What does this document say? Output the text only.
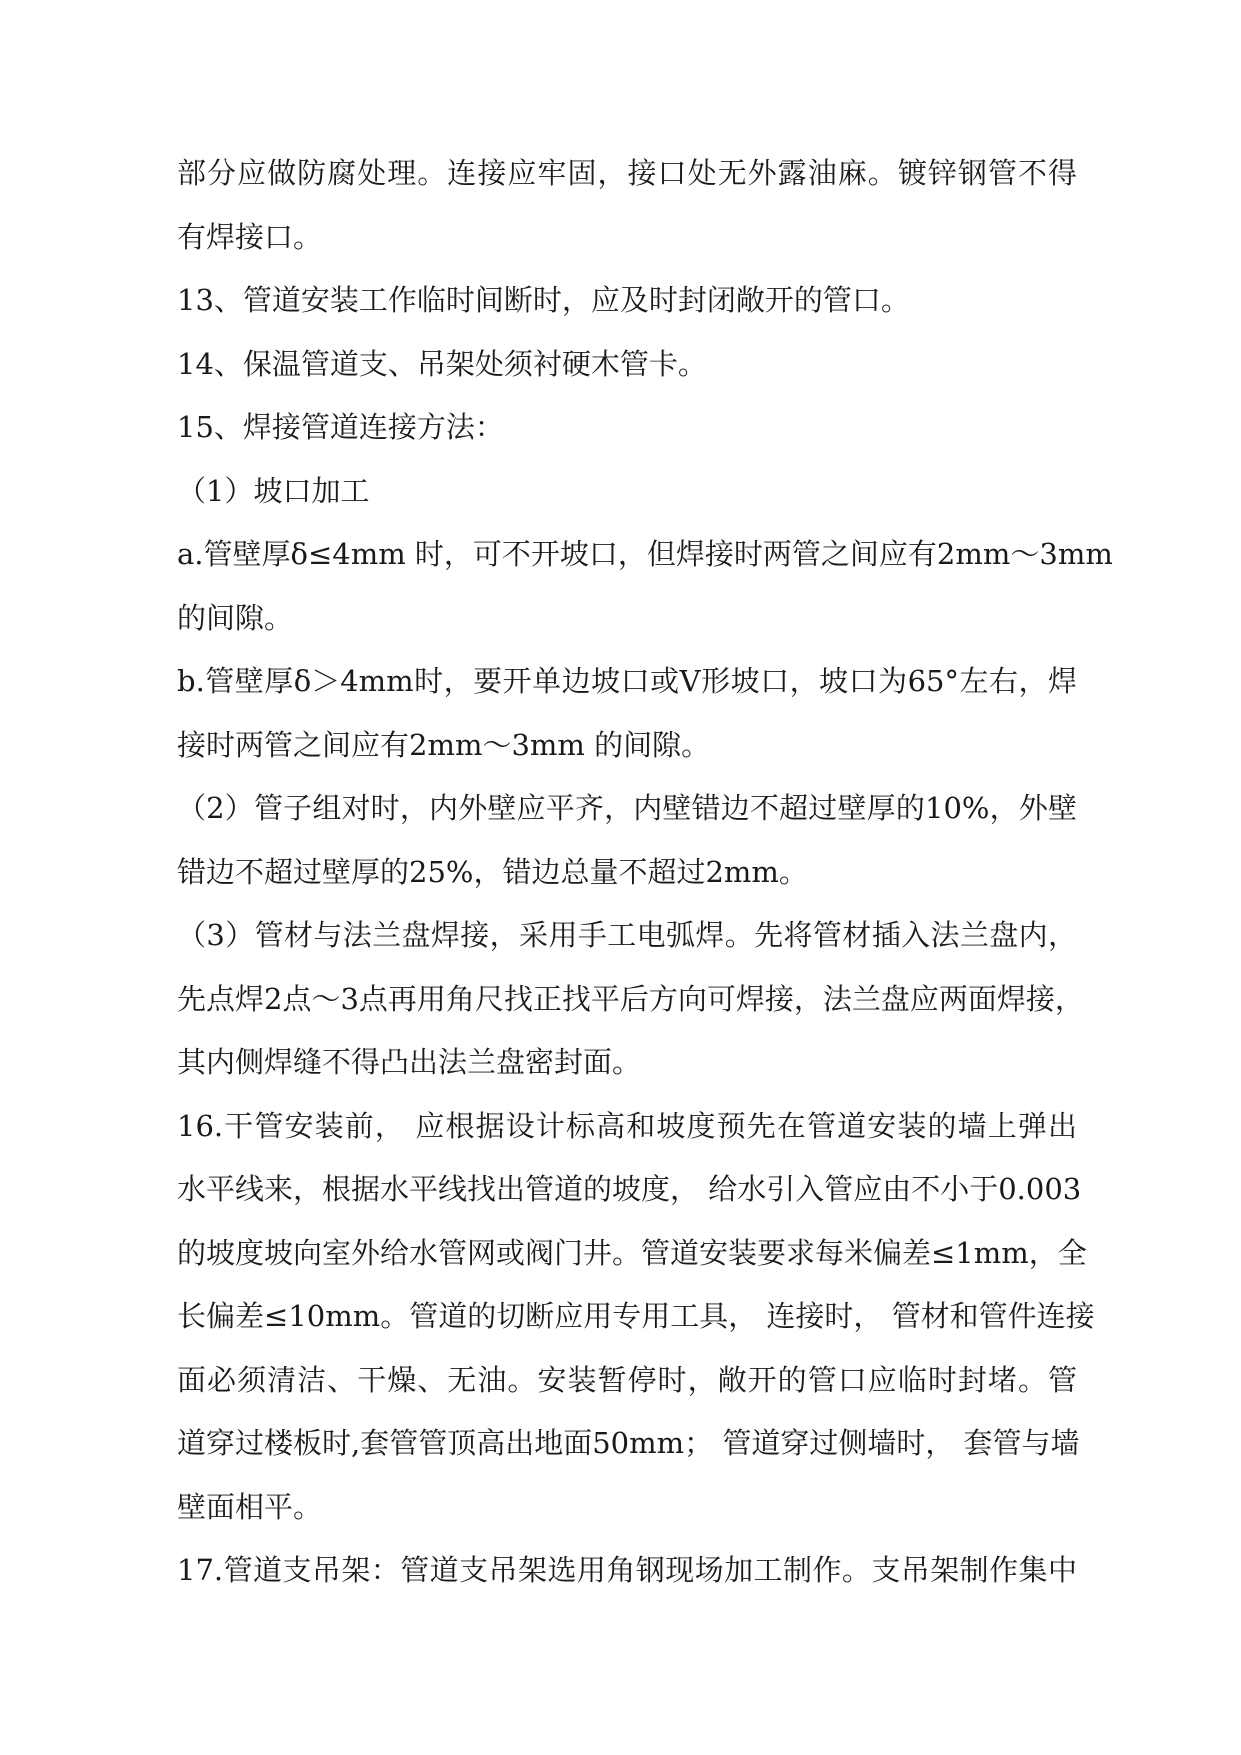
部分应做防腐处理。连接应牢固，接口处无外露油麻。镀锌钢管不得
有焊接口。
13、管道安装工作临时间断时，应及时封闭敞开的管口。
14、保温管道支、吊架处须衬硬木管卡。
15、焊接管道连接方法：
（1）坡口加工
a.管壁厚δ≤4mm 时，可不开坡口，但焊接时两管之间应有2mm～3mm
的间隙。
b.管壁厚δ＞4mm时，要开单边坡口或V形坡口，坡口为65°左右，焊
接时两管之间应有2mm～3mm 的间隙。
（2）管子组对时，内外壁应平齐，内壁错边不超过壁厚的10%，外壁
错边不超过壁厚的25%，错边总量不超过2mm。
（3）管材与法兰盘焊接，采用手工电弧焊。先将管材插入法兰盘内，
先点焊2点～3点再用角尺找正找平后方向可焊接，法兰盘应两面焊接，
其内侧焊缝不得凸出法兰盘密封面。
16.干管安装前， 应根据设计标高和坡度预先在管道安装的墙上弹出
水平线来，根据水平线找出管道的坡度， 给水引入管应由不小于0.003
的坡度坡向室外给水管网或阀门井。管道安装要求每米偏差≤1mm，全
长偏差≤10mm。管道的切断应用专用工具， 连接时， 管材和管件连接
面必须清洁、干燥、无油。安装暂停时，敞开的管口应临时封堵。管
道穿过楼板时,套管管顶高出地面50mm； 管道穿过侧墙时， 套管与墙
壁面相平。
17.管道支吊架：管道支吊架选用角钢现场加工制作。支吊架制作集中
